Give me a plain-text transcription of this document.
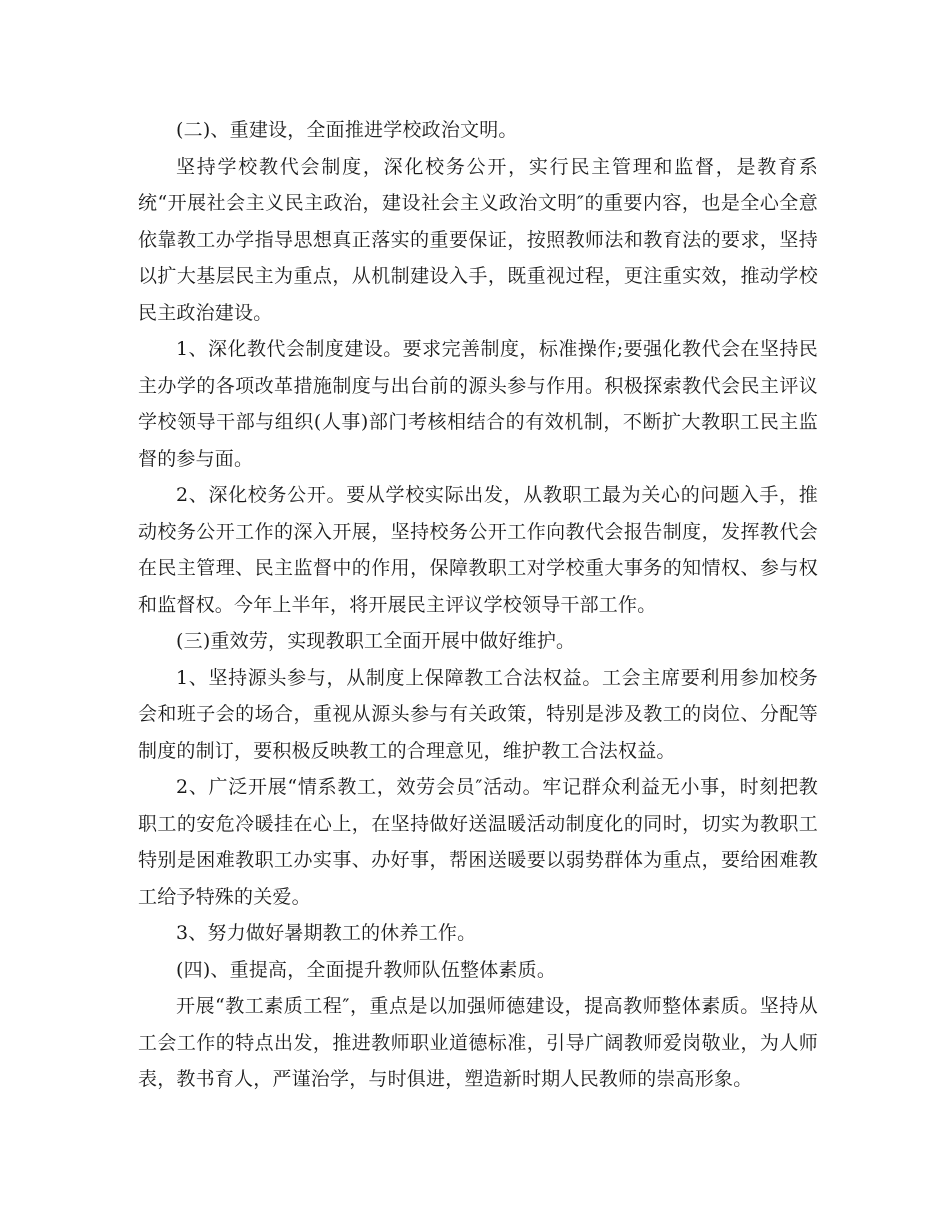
(二)、重建设，全面推进学校政治文明。

坚持学校教代会制度，深化校务公开，实行民主管理和监督，是教育系统“开展社会主义民主政治，建设社会主义政治文明″的重要内容，也是全心全意依靠教工办学指导思想真正落实的重要保证，按照教师法和教育法的要求，坚持以扩大基层民主为重点，从机制建设入手，既重视过程，更注重实效，推动学校民主政治建设。

1、深化教代会制度建设。要求完善制度，标准操作;要强化教代会在坚持民主办学的各项改革措施制度与出台前的源头参与作用。积极探索教代会民主评议学校领导干部与组织(人事)部门考核相结合的有效机制，不断扩大教职工民主监督的参与面。

2、深化校务公开。要从学校实际出发，从教职工最为关心的问题入手，推动校务公开工作的深入开展，坚持校务公开工作向教代会报告制度，发挥教代会在民主管理、民主监督中的作用，保障教职工对学校重大事务的知情权、参与权和监督权。今年上半年，将开展民主评议学校领导干部工作。

(三)重效劳，实现教职工全面开展中做好维护。

1、坚持源头参与，从制度上保障教工合法权益。工会主席要利用参加校务会和班子会的场合，重视从源头参与有关政策，特别是涉及教工的岗位、分配等制度的制订，要积极反映教工的合理意见，维护教工合法权益。

2、广泛开展“情系教工，效劳会员″活动。牢记群众利益无小事，时刻把教职工的安危冷暖挂在心上，在坚持做好送温暖活动制度化的同时，切实为教职工特别是困难教职工办实事、办好事，帮困送暖要以弱势群体为重点，要给困难教工给予特殊的关爱。

3、努力做好暑期教工的休养工作。

(四)、重提高，全面提升教师队伍整体素质。

开展“教工素质工程″，重点是以加强师德建设，提高教师整体素质。坚持从工会工作的特点出发，推进教师职业道德标准，引导广阔教师爱岗敬业，为人师表，教书育人，严谨治学，与时俱进，塑造新时期人民教师的崇高形象。
